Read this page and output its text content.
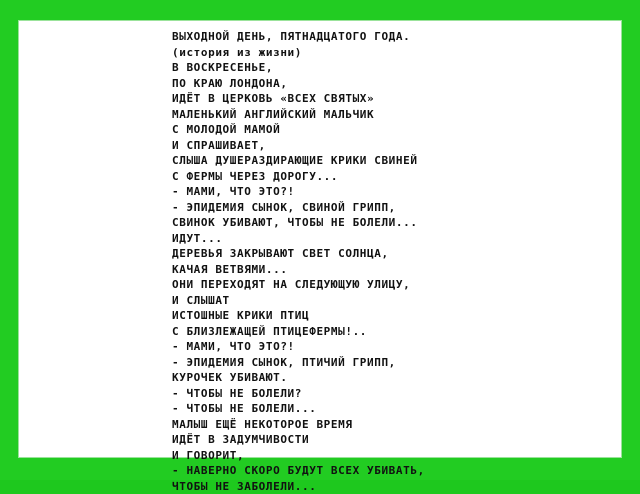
ВЫХОДНОЙ ДЕНЬ, ПЯТНАДЦАТОГО ГОДА.
(история из жизни)
В ВОСКРЕСЕНЬЕ,
ПО КРАЮ ЛОНДОНА,
ИДЁТ В ЦЕРКОВЬ «ВСЕХ СВЯТЫХ»
МАЛЕНЬКИЙ АНГЛИЙСКИЙ МАЛЬЧИК
С МОЛОДОЙ МАМОЙ
И СПРАШИВАЕТ,
СЛЫША ДУШЕРАЗДИРАЮЩИЕ КРИКИ СВИНЕЙ
С ФЕРМЫ ЧЕРЕЗ ДОРОГУ...
- МАМИ, ЧТО ЭТО?!
- ЭПИДЕМИЯ СЫНОК, СВИНОЙ ГРИПП,
СВИНОК УБИВАЮТ, ЧТОБЫ НЕ БОЛЕЛИ...
ИДУТ...
ДЕРЕВЬЯ ЗАКРЫВАЮТ СВЕТ СОЛНЦА,
КАЧАЯ ВЕТВЯМИ...
ОНИ ПЕРЕХОДЯТ НА СЛЕДУЮЩУЮ УЛИЦУ,
И СЛЫШАТ
ИСТОШНЫЕ КРИКИ ПТИЦ
С БЛИЗЛЕЖАЩЕЙ ПТИЦЕФЕРМЫ!..
- МАМИ, ЧТО ЭТО?!
- ЭПИДЕМИЯ СЫНОК, ПТИЧИЙ ГРИПП,
КУРОЧЕК УБИВАЮТ.
- ЧТОБЫ НЕ БОЛЕЛИ?
- ЧТОБЫ НЕ БОЛЕЛИ...
МАЛЫШ ЕЩЁ НЕКОТОРОЕ ВРЕМЯ
ИДЁТ В ЗАДУМЧИВОСТИ
И ГОВОРИТ,
- НАВЕРНО СКОРО БУДУТ ВСЕХ УБИВАТЬ,
ЧТОБЫ НЕ ЗАБОЛЕЛИ...
